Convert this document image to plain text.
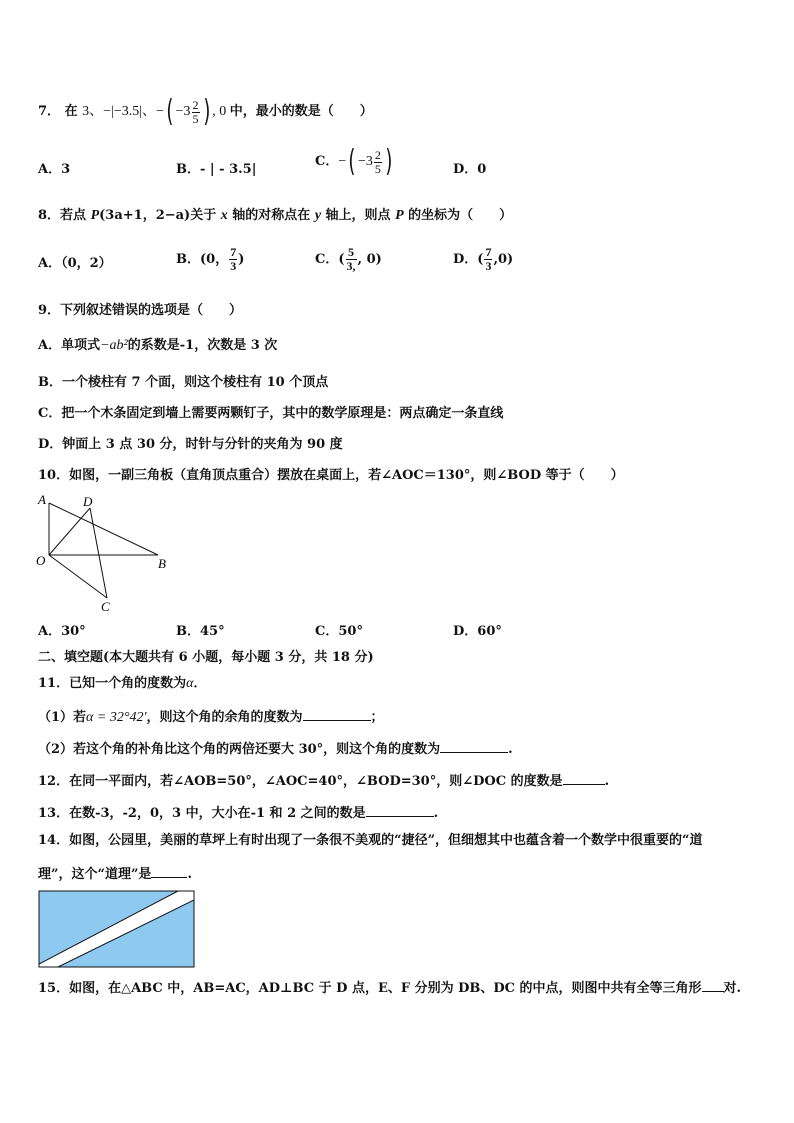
7． 在 3、−|−3.5|、−( $-3 \frac{2}{5}$ ) , 0 中，最小的数是（　　）
A．3	B．- | - 3.5|
C．−( $-3 \frac{2}{5}$ )	D．0
8．若点 P(3a+1，2−a)关于 x 轴的对称点在 y 轴上，则点 P 的坐标为（　　）
A．（0，2）	B．(0， $\frac{7}{3}$ )	C．( $\frac{5}{3,}$ , 0)	D．( $\frac{7}{3} ,0$)
9．下列叙述错误的选项是（　　）
A．单项式−ab²的系数是-1，次数是 3 次
B．一个棱柱有 7 个面，则这个棱柱有 10 个顶点
C．把一个木条固定到墙上需要两颗钉子，其中的数学原理是：两点确定一条直线
D．钟面上 3 点 30 分，时针与分针的夹角为 90 度
10．如图，一副三角板（直角顶点重合）摆放在桌面上，若∠AOC＝130°，则∠BOD 等于（　　）
A	D
O	B
C
A．30°	B．45°	C．50°	D．60°
二、填空题(本大题共有 6 小题，每小题 3 分，共 18 分)
11．已知一个角的度数为α．
（1）若α = 32°42′，则这个角的余角的度数为	；
（2）若这个角的补角比这个角的两倍还要大 30°，则这个角的度数为	.
12．在同一平面内，若∠AOB=50°，∠AOC=40°，∠BOD=30°，则∠DOC 的度数是	.
13．在数-3，-2，0，3 中，大小在-1 和 2 之间的数是	.
14．如图，公园里，美丽的草坪上有时出现了一条很不美观的“捷径”，但细想其中也蕴含着一个数学中很重要的“道
理”，这个“道理”是	.
15．如图，在△ABC 中，AB=AC，AD⊥BC 于 D 点，E、F 分别为 DB、DC 的中点，则图中共有全等三角形 对.
